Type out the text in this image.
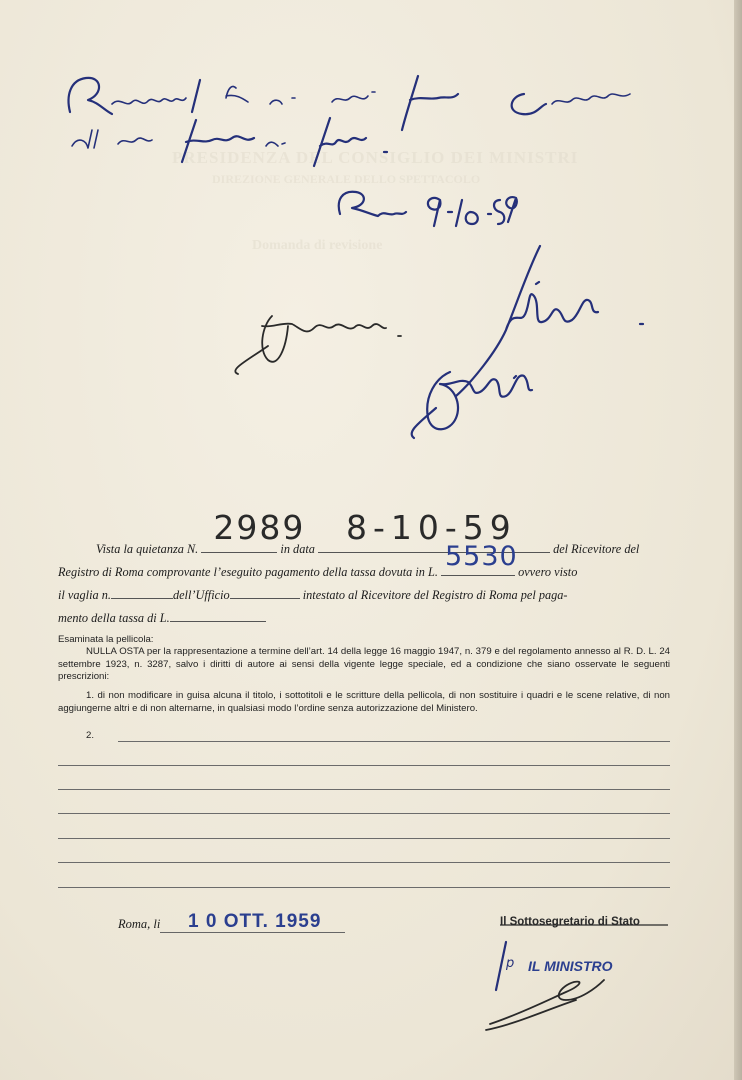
PRESIDENZA DEL CONSIGLIO DEI MINISTRI
DIREZIONE GENERALE DELLO SPETTACOLO
Domanda di revisione
Vista la quietanza N.
2989
in data
8-10-59
del Ricevitore del
Registro di Roma comprovante l’eseguito pagamento della tassa dovuta in L. 5530 ovvero visto
il vaglia n.	dell’Ufficio	intestato al Ricevitore del Registro di Roma pel paga-
mento della tassa di L.
Esaminata la pellicola:
NULLA OSTA per la rappresentazione a termine dell’art. 14 della legge 16 maggio 1947, n. 379 e del regolamento annesso al R. D. L. 24 settembre 1923, n. 3287, salvo i diritti di autore ai sensi della vigente legge speciale, ed a condizione che siano osservate le seguenti prescrizioni:
1. di non modificare in guisa alcuna il titolo, i sottotitoli e le scritture della pellicola, di non sostituire i quadri e le scene relative, di non aggiungerne altri e di non alternarne, in qualsiasi modo l’ordine senza autorizzazione del Ministero.
2.
Roma, li 1 0 OTT. 1959	Il Sottosegretario di Stato
p IL MINISTRO
